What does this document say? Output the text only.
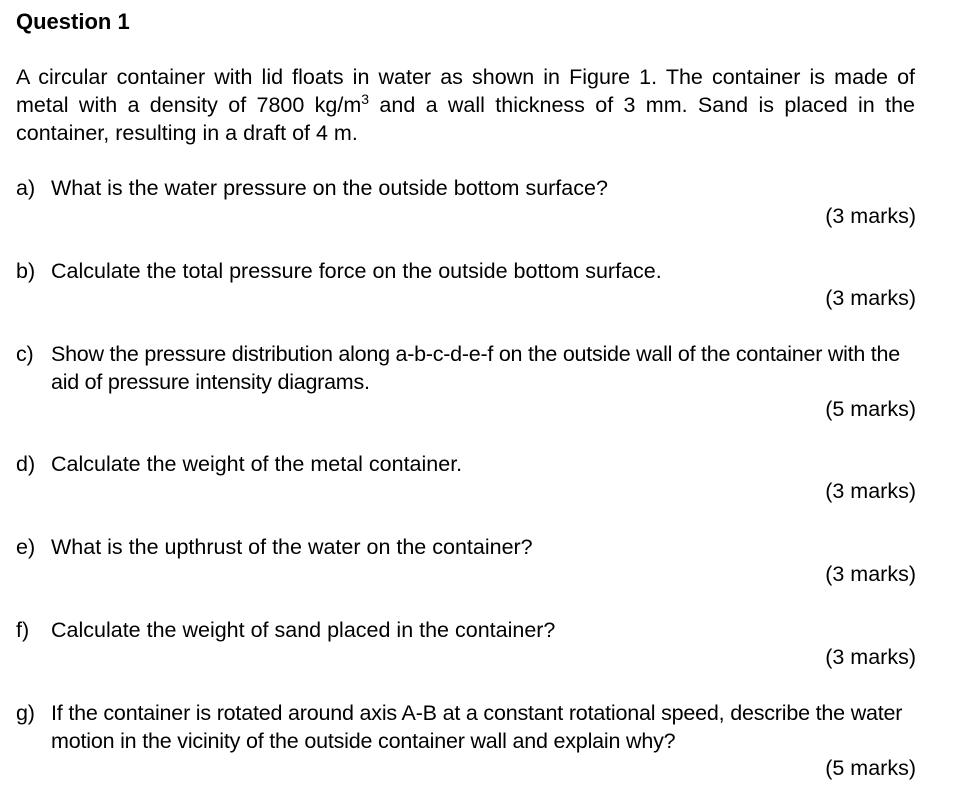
Question 1
A circular container with lid floats in water as shown in Figure 1. The container is made of metal with a density of 7800 $kg/m^3$ and a wall thickness of 3 mm. Sand is placed in the container, resulting in a draft of 4 m.
a) What is the water pressure on the outside bottom surface?
(3 marks)
b) Calculate the total pressure force on the outside bottom surface.
(3 marks)
c) Show the pressure distribution along a-b-c-d-e-f on the outside wall of the container with the aid of pressure intensity diagrams.
(5 marks)
d) Calculate the weight of the metal container.
(3 marks)
e) What is the upthrust of the water on the container?
(3 marks)
f) Calculate the weight of sand placed in the container?
(3 marks)
g) If the container is rotated around axis A-B at a constant rotational speed, describe the water motion in the vicinity of the outside container wall and explain why?
(5 marks)
